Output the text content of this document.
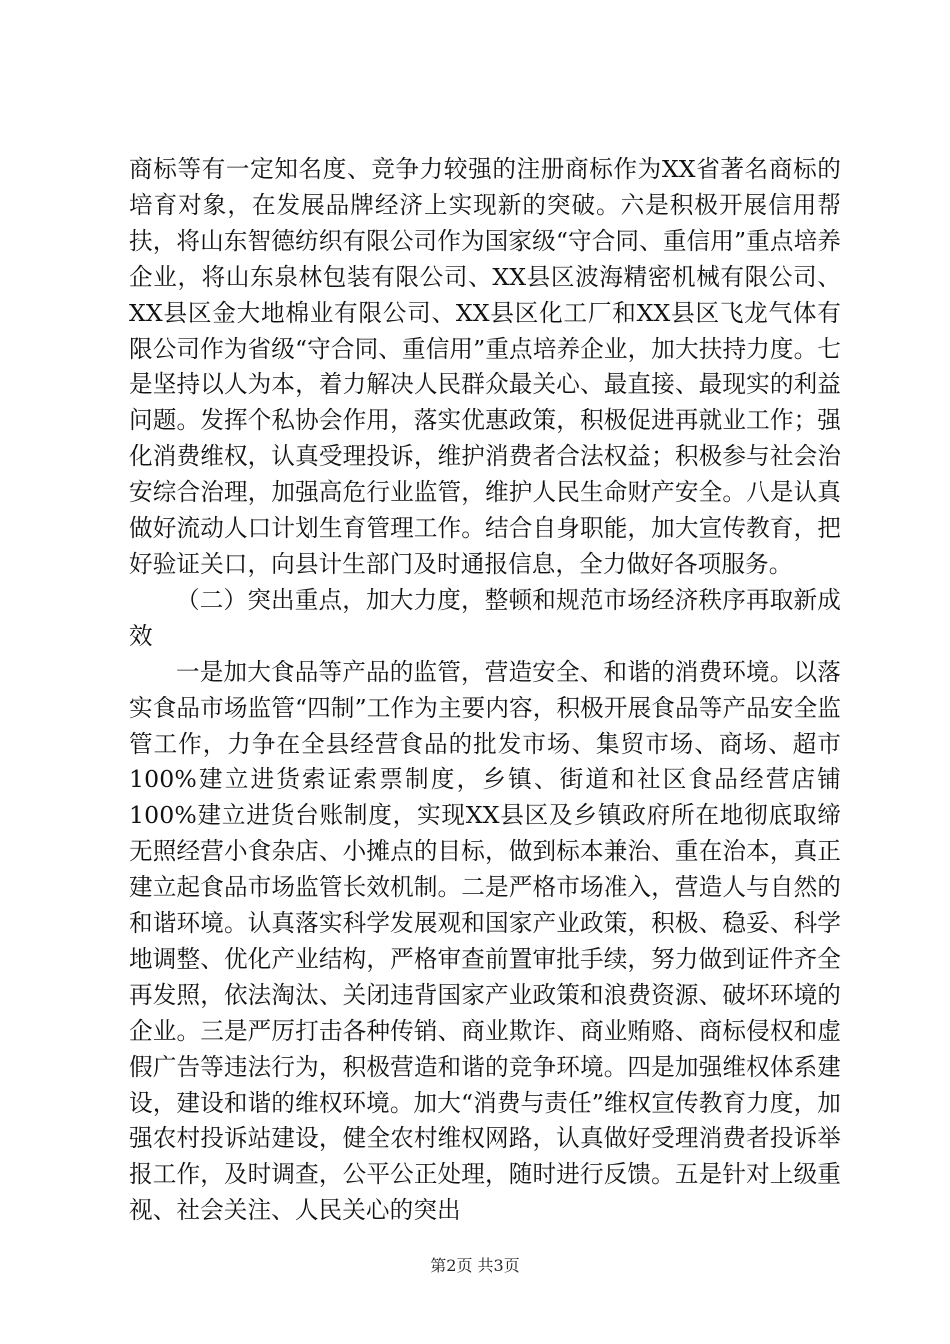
商标等有一定知名度、竞争力较强的注册商标作为XX省著名商标的培育对象，在发展品牌经济上实现新的突破。六是积极开展信用帮扶，将山东智德纺织有限公司作为国家级“守合同、重信用”重点培养企业，将山东泉林包装有限公司、XX县区波海精密机械有限公司、XX县区金大地棉业有限公司、XX县区化工厂和XX县区飞龙气体有限公司作为省级“守合同、重信用”重点培养企业，加大扶持力度。七是坚持以人为本，着力解决人民群众最关心、最直接、最现实的利益问题。发挥个私协会作用，落实优惠政策，积极促进再就业工作；强化消费维权，认真受理投诉，维护消费者合法权益；积极参与社会治安综合治理，加强高危行业监管，维护人民生命财产安全。八是认真做好流动人口计划生育管理工作。结合自身职能，加大宣传教育，把好验证关口，向县计生部门及时通报信息，全力做好各项服务。

（二）突出重点，加大力度，整顿和规范市场经济秩序再取新成效

一是加大食品等产品的监管，营造安全、和谐的消费环境。以落实食品市场监管“四制”工作为主要内容，积极开展食品等产品安全监管工作，力争在全县经营食品的批发市场、集贸市场、商场、超市100%建立进货索证索票制度，乡镇、街道和社区食品经营店铺100%建立进货台账制度，实现XX县区及乡镇政府所在地彻底取缔无照经营小食杂店、小摊点的目标，做到标本兼治、重在治本，真正建立起食品市场监管长效机制。二是严格市场准入，营造人与自然的和谐环境。认真落实科学发展观和国家产业政策，积极、稳妥、科学地调整、优化产业结构，严格审查前置审批手续，努力做到证件齐全再发照，依法淘汰、关闭违背国家产业政策和浪费资源、破坏环境的企业。三是严厉打击各种传销、商业欺诈、商业贿赂、商标侵权和虚假广告等违法行为，积极营造和谐的竞争环境。四是加强维权体系建设，建设和谐的维权环境。加大“消费与责任”维权宣传教育力度，加强农村投诉站建设，健全农村维权网路，认真做好受理消费者投诉举报工作，及时调查，公平公正处理，随时进行反馈。五是针对上级重视、社会关注、人民关心的突出

第2页 共3页
